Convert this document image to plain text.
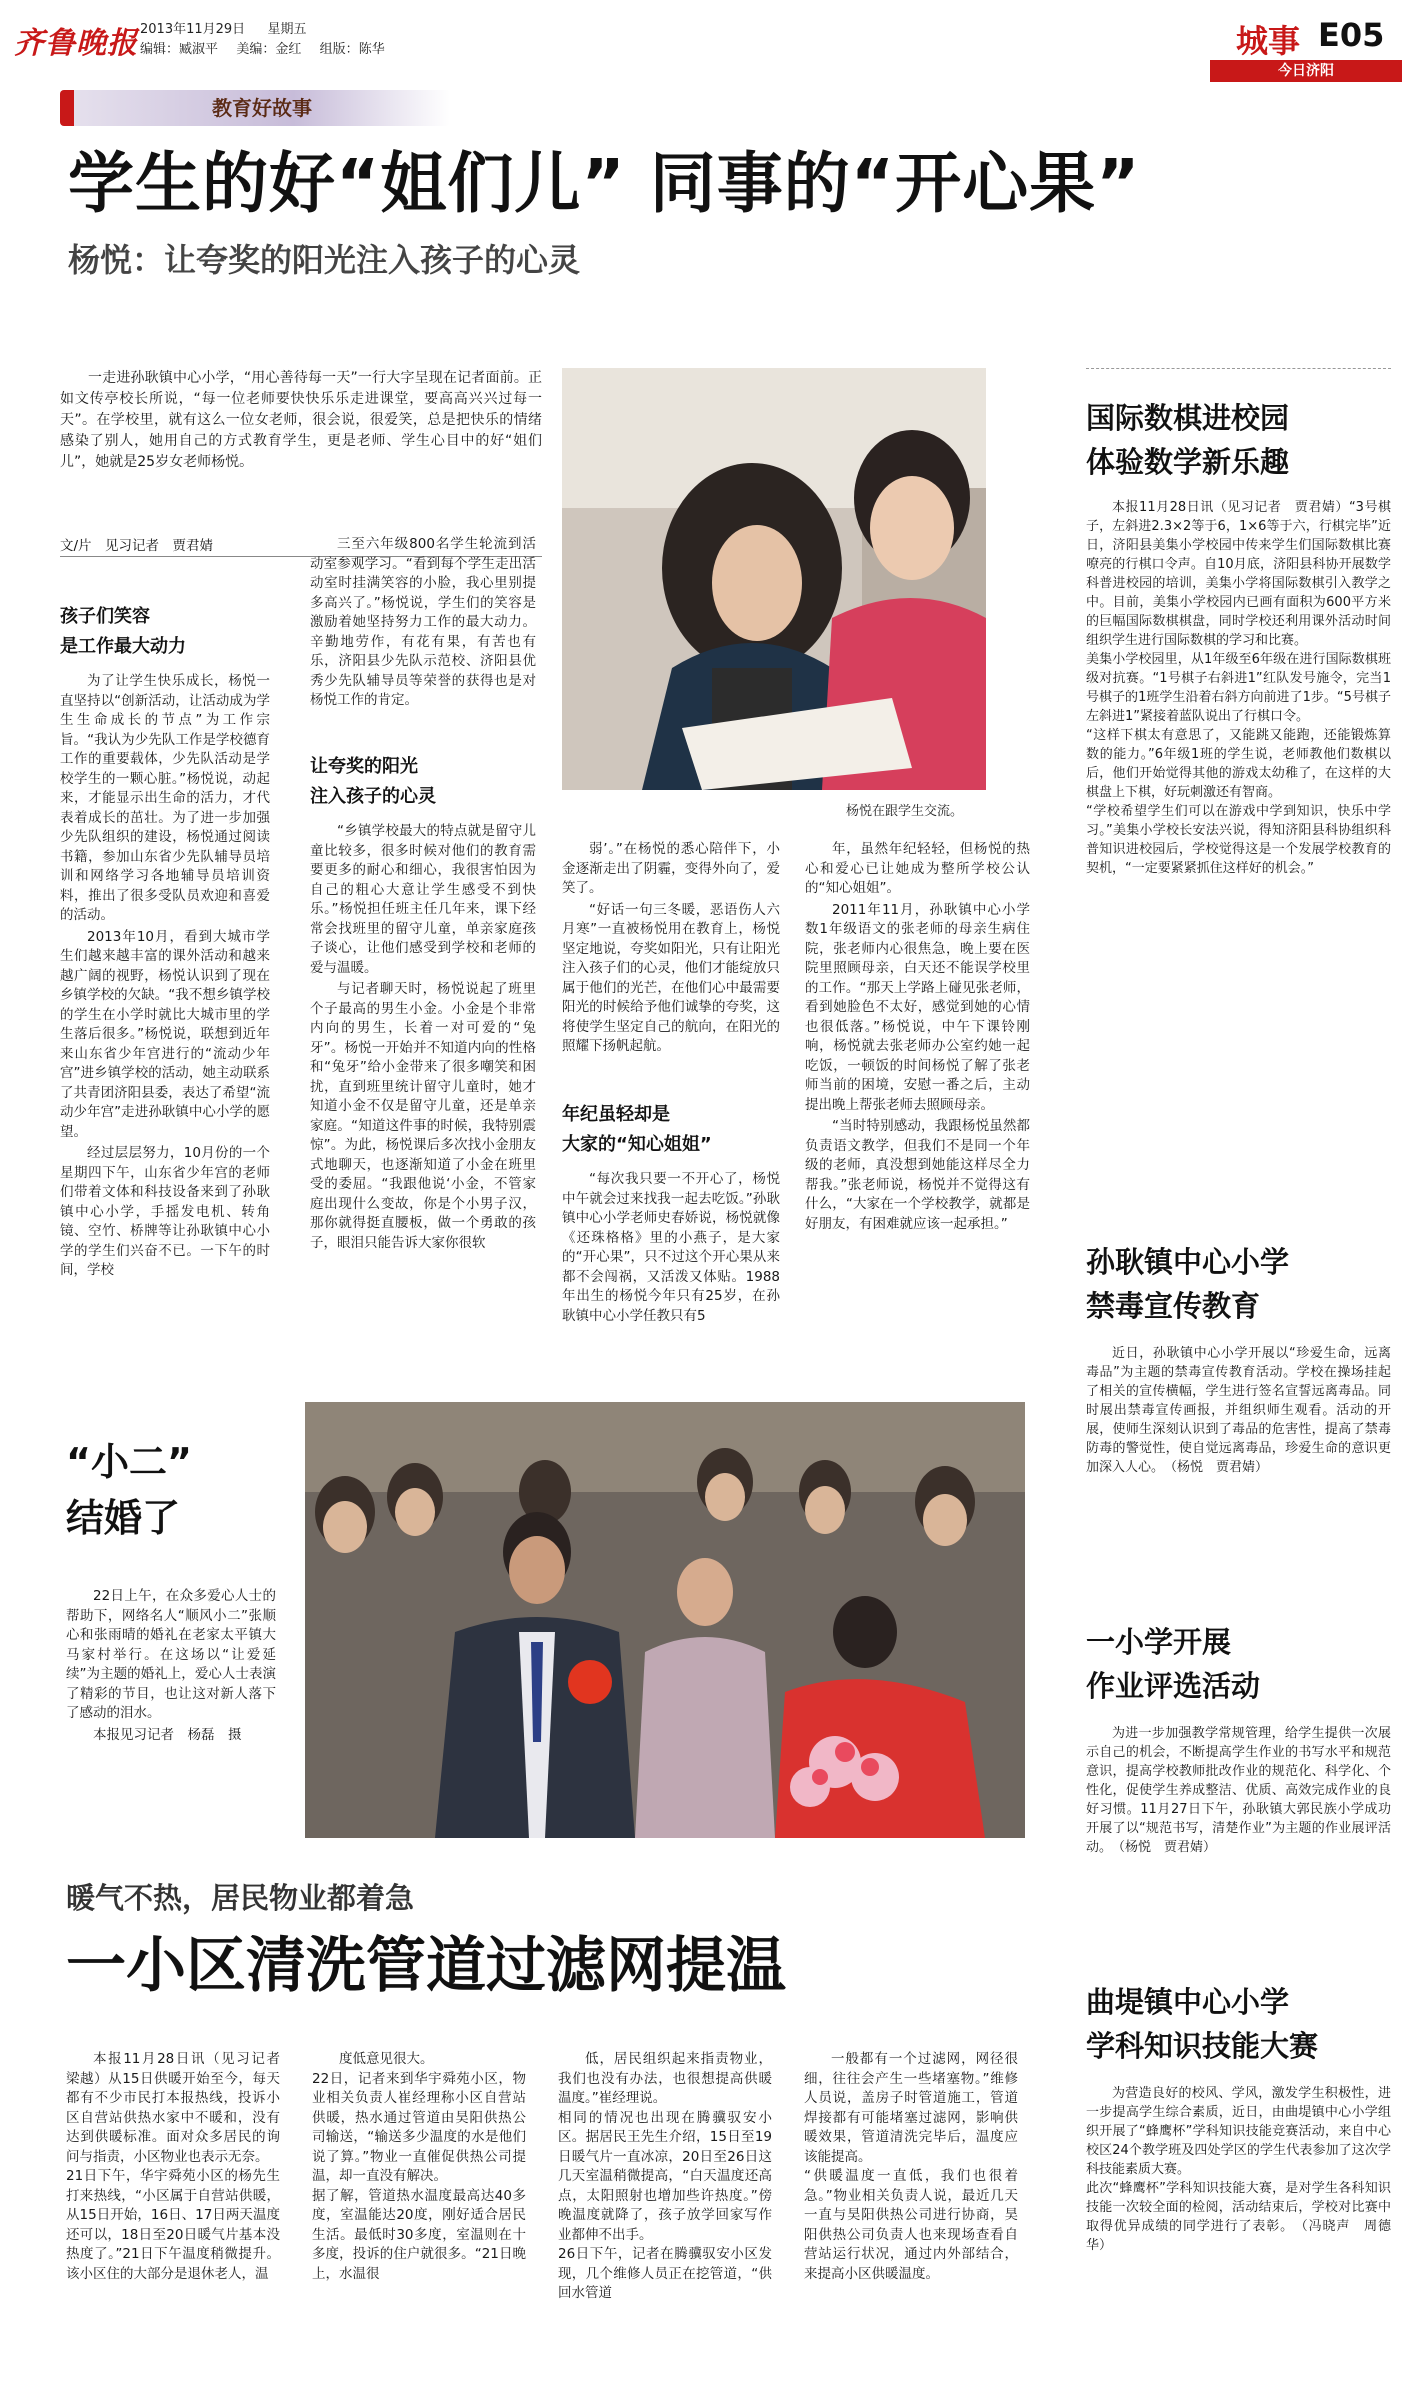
齐鲁晚报 2013年11月29日 星期五
编辑：臧淑平 美编：金红 组版：陈华	城事 E05
今日济阳
教育好故事
学生的好“姐们儿” 同事的“开心果”
杨悦：让夸奖的阳光注入孩子的心灵

一走进孙耿镇中心小学，“用心善待每一天”一行大字呈现在记者面前。正如文传亭校长所说，“每一位老师要快快乐乐走进课堂，要高高兴兴过每一天”。在学校里，就有这么一位女老师，很会说，很爱笑，总是把快乐的情绪感染了别人，她用自己的方式教育学生，更是老师、学生心目中的好“姐们儿”，她就是25岁女老师杨悦。

文/片　见习记者　贾君婧
杨悦在跟学生交流。
孩子们笑容
是工作最大动力

为了让学生快乐成长，杨悦一直坚持以“创新活动，让活动成为学生生命成长的节点”为工作宗旨。“我认为少先队工作是学校德育工作的重要载体，少先队活动是学校学生的一颗心脏。”杨悦说，动起来，才能显示出生命的活力，才代表着成长的茁壮。为了进一步加强少先队组织的建设，杨悦通过阅读书籍，参加山东省少先队辅导员培训和网络学习各地辅导员培训资料，推出了很多受队员欢迎和喜爱的活动。

2013年10月，看到大城市学生们越来越丰富的课外活动和越来越广阔的视野，杨悦认识到了现在乡镇学校的欠缺。“我不想乡镇学校的学生在小学时就比大城市里的学生落后很多。”杨悦说，联想到近年来山东省少年宫进行的“流动少年宫”进乡镇学校的活动，她主动联系了共青团济阳县委，表达了希望“流动少年宫”走进孙耿镇中心小学的愿望。

经过层层努力，10月份的一个星期四下午，山东省少年宫的老师们带着文体和科技设备来到了孙耿镇中心小学，手摇发电机、转角镜、空竹、桥牌等让孙耿镇中心小学的学生们兴奋不已。一下午的时间，学校

三至六年级800名学生轮流到活动室参观学习。“看到每个学生走出活动室时挂满笑容的小脸，我心里别提多高兴了。”杨悦说，学生们的笑容是激励着她坚持努力工作的最大动力。辛勤地劳作，有花有果，有苦也有乐，济阳县少先队示范校、济阳县优秀少先队辅导员等荣誉的获得也是对杨悦工作的肯定。

让夸奖的阳光
注入孩子的心灵

“乡镇学校最大的特点就是留守儿童比较多，很多时候对他们的教育需要更多的耐心和细心，我很害怕因为自己的粗心大意让学生感受不到快乐。”杨悦担任班主任几年来，课下经常会找班里的留守儿童，单亲家庭孩子谈心，让他们感受到学校和老师的爱与温暖。

与记者聊天时，杨悦说起了班里个子最高的男生小金。小金是个非常内向的男生，长着一对可爱的“兔牙”。杨悦一开始并不知道内向的性格和“兔牙”给小金带来了很多嘲笑和困扰，直到班里统计留守儿童时，她才知道小金不仅是留守儿童，还是单亲家庭。“知道这件事的时候，我特别震惊”。为此，杨悦课后多次找小金朋友式地聊天，也逐渐知道了小金在班里受的委屈。“我跟他说‘小金，不管家庭出现什么变故，你是个小男子汉，那你就得挺直腰板，做一个勇敢的孩子，眼泪只能告诉大家你很软

弱’。”在杨悦的悉心陪伴下，小金逐渐走出了阴霾，变得外向了，爱笑了。

“好话一句三冬暖，恶语伤人六月寒”一直被杨悦用在教育上，杨悦坚定地说，夸奖如阳光，只有让阳光注入孩子们的心灵，他们才能绽放只属于他们的光芒，在他们心中最需要阳光的时候给予他们诚挚的夸奖，这将使学生坚定自己的航向，在阳光的照耀下扬帆起航。

年纪虽轻却是
大家的“知心姐姐”

“每次我只要一不开心了，杨悦中午就会过来找我一起去吃饭。”孙耿镇中心小学老师史春娇说，杨悦就像《还珠格格》里的小燕子，是大家的“开心果”，只不过这个开心果从来都不会闯祸，又活泼又体贴。1988年出生的杨悦今年只有25岁，在孙耿镇中心小学任教只有5

年，虽然年纪轻轻，但杨悦的热心和爱心已让她成为整所学校公认的“知心姐姐”。

2011年11月，孙耿镇中心小学数1年级语文的张老师的母亲生病住院，张老师内心很焦急，晚上要在医院里照顾母亲，白天还不能误学校里的工作。“那天上学路上碰见张老师，看到她脸色不太好，感觉到她的心情也很低落。”杨悦说，中午下课铃刚响，杨悦就去张老师办公室约她一起吃饭，一顿饭的时间杨悦了解了张老师当前的困境，安慰一番之后，主动提出晚上帮张老师去照顾母亲。

“当时特别感动，我跟杨悦虽然都负责语文教学，但我们不是同一个年级的老师，真没想到她能这样尽全力帮我。”张老师说，杨悦并不觉得这有什么，“大家在一个学校教学，就都是好朋友，有困难就应该一起承担。”

“小二”
结婚了

22日上午，在众多爱心人士的帮助下，网络名人“顺风小二”张顺心和张雨晴的婚礼在老家太平镇大马家村举行。在这场以“让爱延续”为主题的婚礼上，爱心人士表演了精彩的节目，也让这对新人落下了感动的泪水。

本报见习记者　杨磊　摄

国际数棋进校园
体验数学新乐趣
本报11月28日讯（见习记者　贾君婧）“3号棋子，左斜进2.3×2等于6，1×6等于六，行棋完毕”近日，济阳县美集小学校园中传来学生们国际数棋比赛嘹亮的行棋口令声。自10月底，济阳县科协开展数学科普进校园的培训，美集小学将国际数棋引入教学之中。目前，美集小学校园内已画有面积为600平方米的巨幅国际数棋棋盘，同时学校还利用课外活动时间组织学生进行国际数棋的学习和比赛。
美集小学校园里，从1年级至6年级在进行国际数棋班级对抗赛。“1号棋子右斜进1”红队发号施令，完当1号棋子的1班学生沿着右斜方向前进了1步。“5号棋子左斜进1”紧接着蓝队说出了行棋口令。
“这样下棋太有意思了，又能跳又能跑，还能锻炼算数的能力。”6年级1班的学生说，老师教他们数棋以后，他们开始觉得其他的游戏太幼稚了，在这样的大棋盘上下棋，好玩刺激还有智商。
“学校希望学生们可以在游戏中学到知识，快乐中学习。”美集小学校长安法兴说，得知济阳县科协组织科普知识进校园后，学校觉得这是一个发展学校教育的契机，“一定要紧紧抓住这样好的机会。”
孙耿镇中心小学
禁毒宣传教育
近日，孙耿镇中心小学开展以“珍爱生命，远离毒品”为主题的禁毒宣传教育活动。学校在操场挂起了相关的宣传横幅，学生进行签名宣誓远离毒品。同时展出禁毒宣传画报，并组织师生观看。活动的开展，使师生深刻认识到了毒品的危害性，提高了禁毒防毒的警觉性，使自觉远离毒品，珍爱生命的意识更加深入人心。　（杨悦　贾君婧）
一小学开展
作业评选活动
为进一步加强教学常规管理，给学生提供一次展示自己的机会，不断提高学生作业的书写水平和规范意识，提高学校教师批改作业的规范化、科学化、个性化，促使学生养成整洁、优质、高效完成作业的良好习惯。11月27日下午，孙耿镇大郭民族小学成功开展了以“规范书写，清楚作业”为主题的作业展评活动。　（杨悦　贾君婧）
曲堤镇中心小学
学科知识技能大赛
为营造良好的校风、学风，激发学生积极性，进一步提高学生综合素质，近日，由曲堤镇中心小学组织开展了“蜂鹰杯”学科知识技能竞赛活动，来自中心校区24个教学班及四处学区的学生代表参加了这次学科技能素质大赛。
此次“蜂鹰杯”学科知识技能大赛，是对学生各科知识技能一次较全面的检阅，活动结束后，学校对比赛中取得优异成绩的同学进行了表彰。　（冯晓声　周德华）
暖气不热，居民物业都着急
一小区清洗管道过滤网提温
本报11月28日讯（见习记者　梁越）从15日供暖开始至今，每天都有不少市民打本报热线，投诉小区自营站供热水家中不暖和，没有达到供暖标准。面对众多居民的询问与指责，小区物业也表示无奈。
21日下午，华宇舜苑小区的杨先生打来热线，“小区属于自营站供暖，从15日开始，16日、17日两天温度还可以，18日至20日暖气片基本没热度了。”21日下午温度稍微提升。该小区住的大部分是退休老人，温
度低意见很大。
22日，记者来到华宇舜苑小区，物业相关负责人崔经理称小区自营站供暖，热水通过管道由昊阳供热公司输送，“输送多少温度的水是他们说了算。”物业一直催促供热公司提温，却一直没有解决。
据了解，管道热水温度最高达40多度，室温能达20度，刚好适合居民生活。最低时30多度，室温则在十多度，投诉的住户就很多。“21日晚上，水温很
低，居民组织起来指责物业，我们也没有办法，也很想提高供暖温度。”崔经理说。
相同的情况也出现在腾骥驭安小区。据居民王先生介绍，15日至19日暖气片一直冰凉，20日至26日这几天室温稍微提高，“白天温度还高点，太阳照射也增加些许热度。”傍晚温度就降了，孩子放学回家写作业都伸不出手。
26日下午，记者在腾骥驭安小区发现，几个维修人员正在挖管道，“供回水管道
一般都有一个过滤网，网径很细，往往会产生一些堵塞物。”维修人员说，盖房子时管道施工，管道焊接都有可能堵塞过滤网，影响供暖效果，管道清洗完毕后，温度应该能提高。
“供暖温度一直低，我们也很着急。”物业相关负责人说，最近几天一直与昊阳供热公司进行协商，昊阳供热公司负责人也来现场查看自营站运行状况，通过内外部结合，来提高小区供暖温度。
